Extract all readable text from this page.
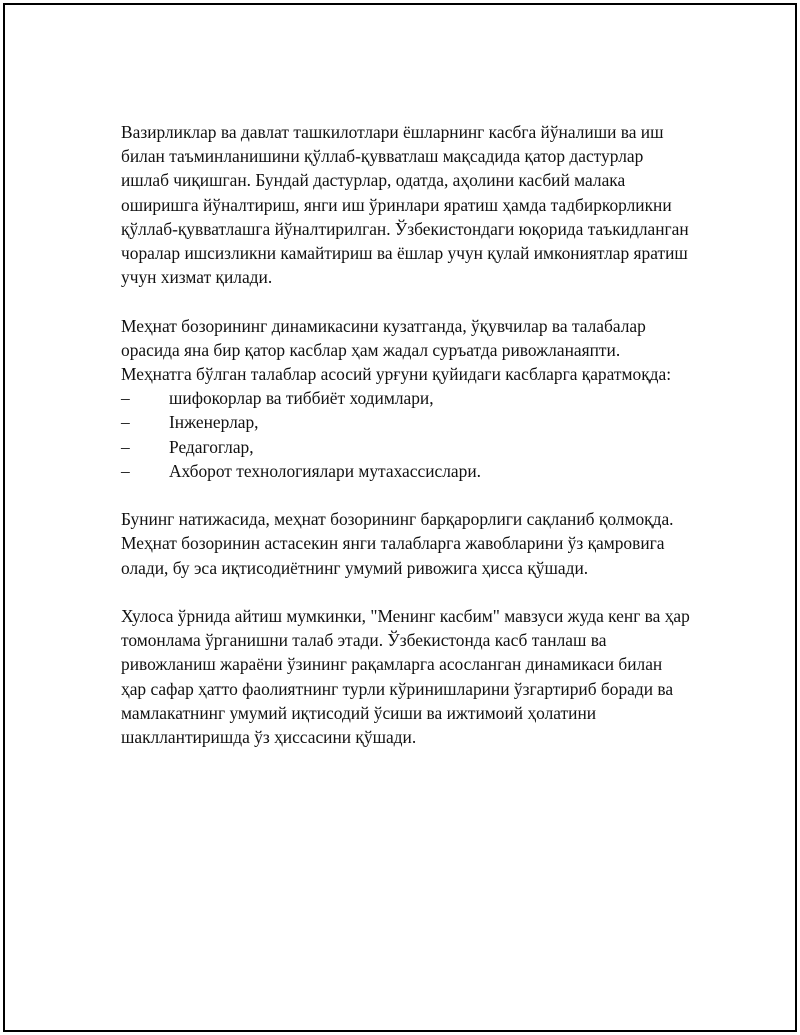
Вазирликлар ва давлат ташкилотлари ёшларнинг касбга йўналиши ва иш билан таъминланишини қўллаб-қувватлаш мақсадида қатор дастурлар ишлаб чиқишган. Бундай дастурлар, одатда, аҳолини касбий малака оширишга йўналтириш, янги иш ўринлари яратиш ҳамда тадбиркорликни қўллаб-қувватлашга йўналтирилган. Ўзбекистондаги юқорида таъкидланган чоралар ишсизликни камайтириш ва ёшлар учун қулай имкониятлар яратиш учун хизмат қилади.

Меҳнат бозорининг динамикасини кузатганда, ўқувчилар ва талабалар орасида яна бир қатор касблар ҳам жадал суръатда ривожланаяпти. Меҳнатга бўлган талаблар асосий урғуни қуйидаги касбларга қаратмоқда:

–	шифокорлар ва тиббиёт ходимлари,
–	Інженерлар,
–	Редагоглар,
–	Ахборот технологиялари мутахассислари.

Бунинг натижасида, меҳнат бозорининг барқарорлиги сақланиб қолмоқда. Меҳнат бозоринин астасекин янги талабларга жавобларини ўз қамровига олади, бу эса иқтисодиётнинг умумий ривожига ҳисса қўшади.

Хулоса ўрнида айтиш мумкинки, "Менинг касбим" мавзуси жуда кенг ва ҳар томонлама ўрганишни талаб этади. Ўзбекистонда касб танлаш ва ривожланиш жараёни ўзининг рақамларга асосланган динамикаси билан ҳар сафар ҳатто фаолиятнинг турли кўринишларини ўзгартириб боради ва мамлакатнинг умумий иқтисодий ўсиши ва ижтимоий ҳолатини шакллантиришда ўз ҳиссасини қўшади.
